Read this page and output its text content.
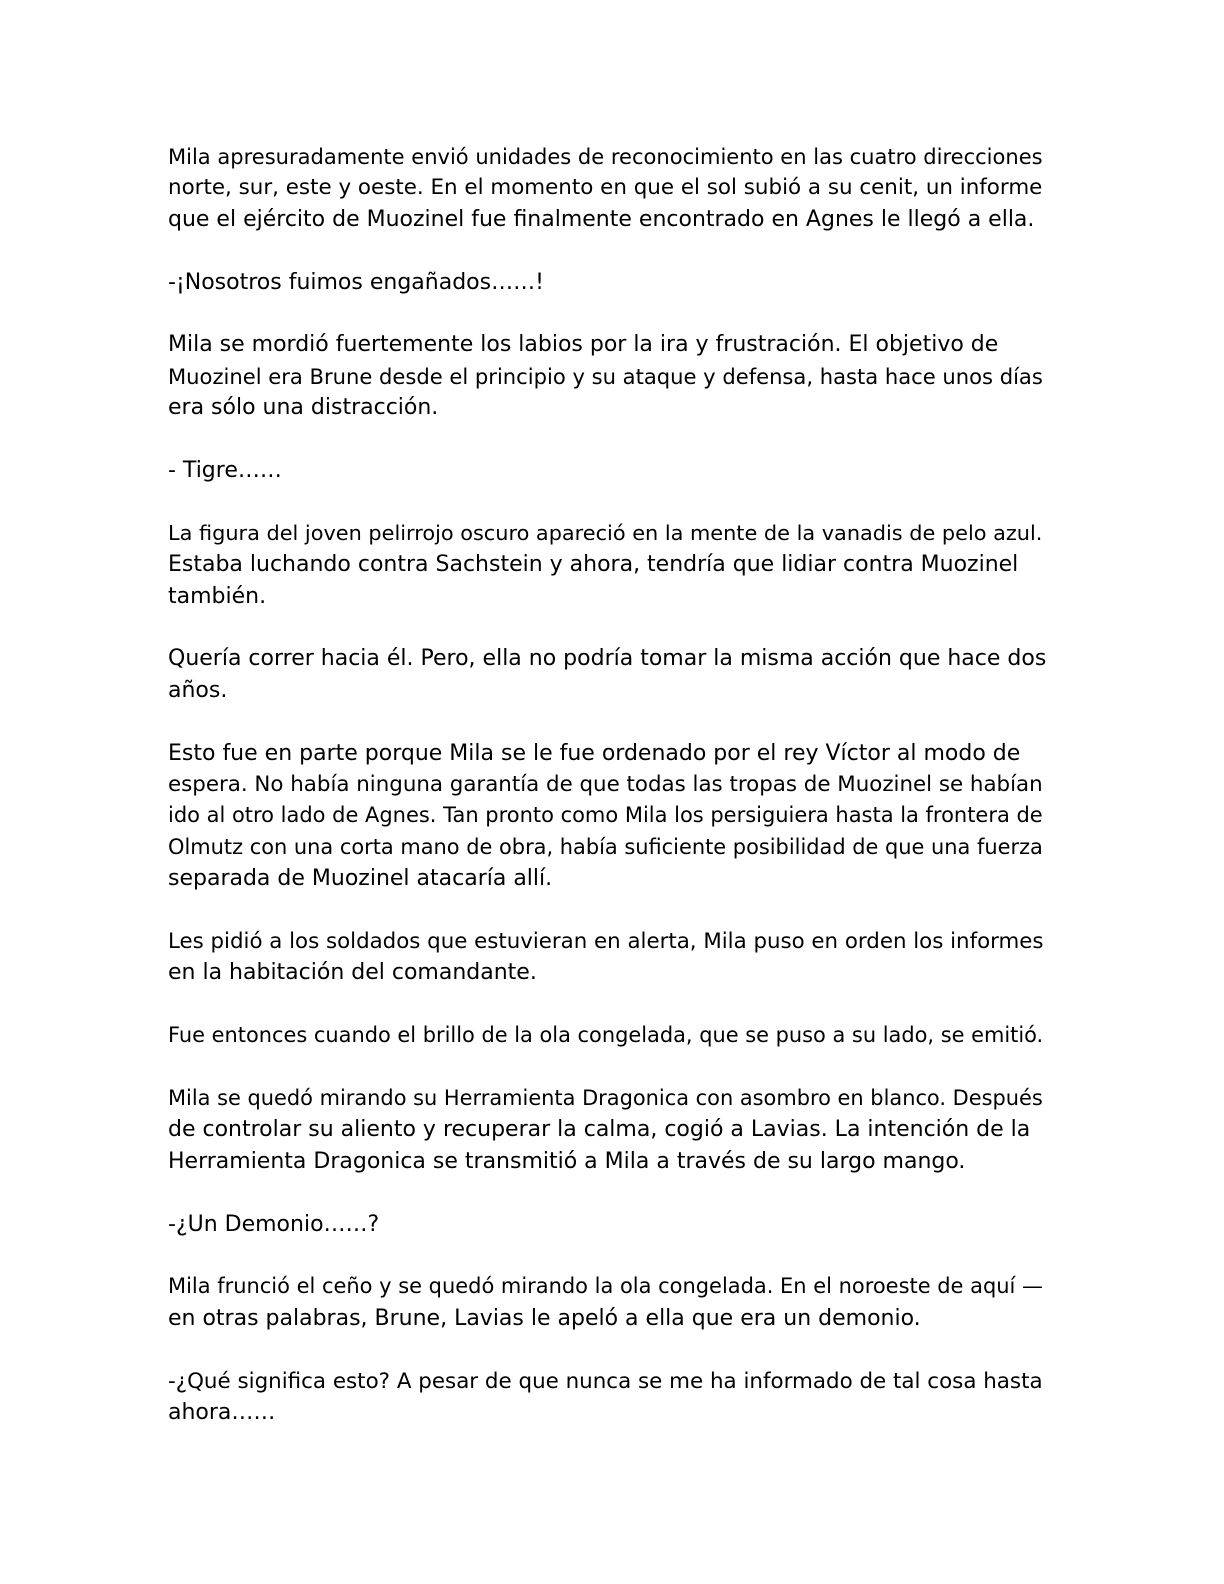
Mila apresuradamente envió unidades de reconocimiento en las cuatro direcciones
norte, sur, este y oeste. En el momento en que el sol subió a su cenit, un informe
que el ejército de Muozinel fue finalmente encontrado en Agnes le llegó a ella.

-¡Nosotros fuimos engañados……!

Mila se mordió fuertemente los labios por la ira y frustración. El objetivo de
Muozinel era Brune desde el principio y su ataque y defensa, hasta hace unos días
era sólo una distracción.

- Tigre……

La figura del joven pelirrojo oscuro apareció en la mente de la vanadis de pelo azul.
Estaba luchando contra Sachstein y ahora, tendría que lidiar contra Muozinel
también.

Quería correr hacia él. Pero, ella no podría tomar la misma acción que hace dos
años.

Esto fue en parte porque Mila se le fue ordenado por el rey Víctor al modo de
espera. No había ninguna garantía de que todas las tropas de Muozinel se habían
ido al otro lado de Agnes. Tan pronto como Mila los persiguiera hasta la frontera de
Olmutz con una corta mano de obra, había suficiente posibilidad de que una fuerza
separada de Muozinel atacaría allí.

Les pidió a los soldados que estuvieran en alerta, Mila puso en orden los informes
en la habitación del comandante.

Fue entonces cuando el brillo de la ola congelada, que se puso a su lado, se emitió.

Mila se quedó mirando su Herramienta Dragonica con asombro en blanco. Después
de controlar su aliento y recuperar la calma, cogió a Lavias. La intención de la
Herramienta Dragonica se transmitió a Mila a través de su largo mango.

-¿Un Demonio……?

Mila frunció el ceño y se quedó mirando la ola congelada. En el noroeste de aquí —
en otras palabras, Brune, Lavias le apeló a ella que era un demonio.

-¿Qué significa esto? A pesar de que nunca se me ha informado de tal cosa hasta
ahora……
